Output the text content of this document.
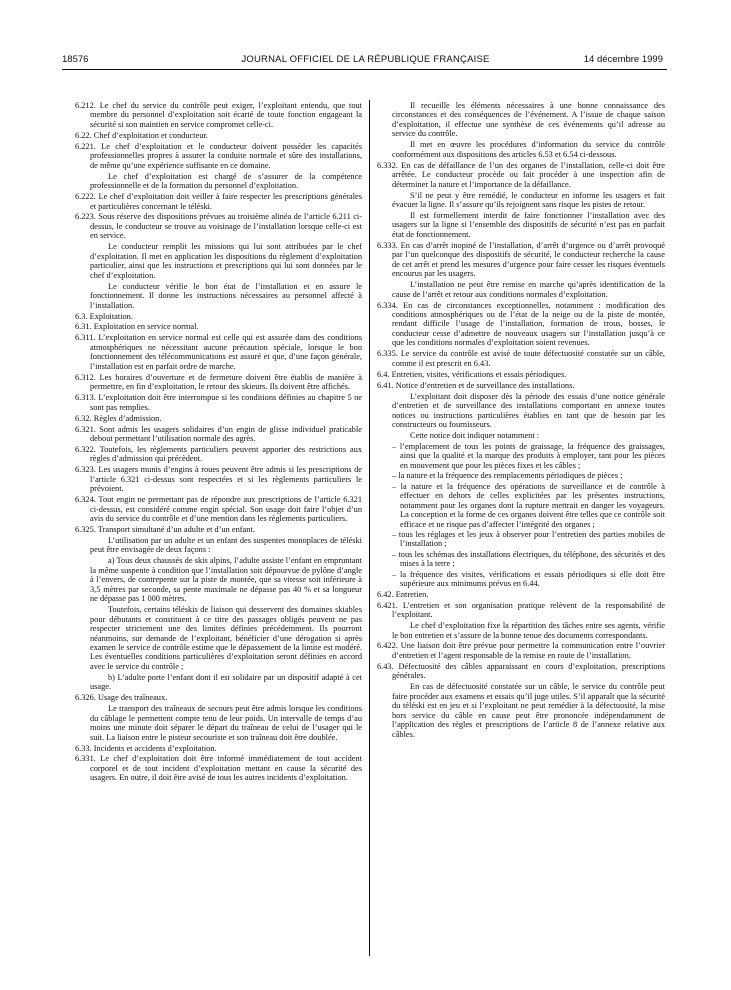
18576	JOURNAL OFFICIEL DE LA RÉPUBLIQUE FRANÇAISE	14 décembre 1999

6.212. Le chef du service du contrôle peut exiger, l’exploitant entendu, que tout membre du personnel d’exploitation soit écarté de toute fonction engageant la sécurité si son maintien en service compromet celle-ci.

6.22. Chef d’exploitation et conducteur.

6.221. Le chef d’exploitation et le conducteur doivent posséder les capacités professionnelles propres à assurer la conduite normale et sûre des installations, de même qu’une expérience suffisante en ce domaine.

Le chef d’exploitation est chargé de s’assurer de la compétence professionnelle et de la formation du personnel d’exploitation.

6.222. Le chef d’exploitation doit veiller à faire respecter les prescriptions générales et particulières concernant le téléski.

6.223. Sous réserve des dispositions prévues au troisième alinéa de l’article 6.211 ci-dessus, le conducteur se trouve au voisinage de l’installation lorsque celle-ci est en service.

Le conducteur remplit les missions qui lui sont attribuées par le chef d’exploitation. Il met en application les dispositions du règlement d’exploitation particulier, ainsi que les instructions et prescriptions qui lui sont données par le chef d’exploitation.

Le conducteur vérifie le bon état de l’installation et en assure le fonctionnement. Il donne les instructions nécessaires au personnel affecté à l’installation.

6.3. Exploitation.

6.31. Exploitation en service normal.

6.311. L’exploitation en service normal est celle qui est assurée dans des conditions atmosphériques ne nécessitant aucune précaution spéciale, lorsque le bon fonctionnement des télécommunications est assuré et que, d’une façon générale, l’installation est en parfait ordre de marche.

6.312. Les horaires d’ouverture et de fermeture doivent être établis de manière à permettre, en fin d’exploitation, le retour des skieurs. Ils doivent être affichés.

6.313. L’exploitation doit être interrompue si les conditions définies au chapitre 5 ne sont pas remplies.

6.32. Règles d’admission.

6.321. Sont admis les usagers solidaires d’un engin de glisse individuel praticable debout permettant l’utilisation normale des agrès.

6.322. Toutefois, les règlements particuliers peuvent apporter des restrictions aux règles d’admission qui précèdent.

6.323. Les usagers munis d’engins à roues peuvent être admis si les prescriptions de l’article 6.321 ci-dessus sont respectées et si les règlements particuliers le prévoient.

6.324. Tout engin ne permettant pas de répondre aux prescriptions de l’article 6.321 ci-dessus, est considéré comme engin spécial. Son usage doit faire l’objet d’un avis du service du contrôle et d’une mention dans les règlements particuliers.

6.325. Transport simultané d’un adulte et d’un enfant.

L’utilisation par un adulte et un enfant des suspentes monoplaces de téléski peut être envisagée de deux façons :

a) Tous deux chaussés de skis alpins, l’adulte assiste l’enfant en empruntant la même suspente à condition que l’installation soit dépourvue de pylône d’angle à l’envers, de contrepente sur la piste de montée, que sa vitesse soit inférieure à 3,5 mètres par seconde, sa pente maximale ne dépasse pas 40 % et sa longueur ne dépasse pas 1 000 mètres.

Toutefois, certains téléskis de liaison qui desservent des domaines skiables pour débutants et constituent à ce titre des passages obligés peuvent ne pas respecter strictement une des limites définies précédemment. Ils pourront néanmoins, sur demande de l’exploitant, bénéficier d’une dérogation si après examen le service de contrôle estime que le dépassement de la limite est modéré. Les éventuelles conditions particulières d’exploitation seront définies en accord avec le service du contrôle ;

b) L’adulte porte l’enfant dont il est solidaire par un dispositif adapté à cet usage.

6.326. Usage des traîneaux.

Le transport des traîneaux de secours peut être admis lorsque les conditions du câblage le permettent compte tenu de leur poids. Un intervalle de temps d’au moins une minute doit séparer le départ du traîneau de celui de l’usager qui le suit. La liaison entre le pisteur secouriste et son traîneau doit être doublée.

6.33. Incidents et accidents d’exploitation.

6.331. Le chef d’exploitation doit être informé immédiatement de tout accident corporel et de tout incident d’exploitation mettant en cause la sécurité des usagers. En outre, il doit être avisé de tous les autres incidents d’exploitation.

Il recueille les éléments nécessaires à une bonne connaissance des circonstances et des conséquences de l’événement. A l’issue de chaque saison d’exploitation, il effectue une synthèse de ces événements qu’il adresse au service du contrôle.

Il met en œuvre les procédures d’information du service du contrôle conformément aux dispositions des articles 6.53 et 6.54 ci-dessous.

6.332. En cas de défaillance de l’un des organes de l’installation, celle-ci doit être arrêtée. Le conducteur procède ou fait procéder à une inspection afin de déterminer la nature et l’importance de la défaillance.

S’il ne peut y être remédié, le conducteur en informe les usagers et fait évacuer la ligne. Il s’assure qu’ils rejoignent sans risque les pistes de retour.

Il est formellement interdit de faire fonctionner l’installation avec des usagers sur la ligne si l’ensemble des dispositifs de sécurité n’est pas en parfait état de fonctionnement.

6.333. En cas d’arrêt inopiné de l’installation, d’arrêt d’urgence ou d’arrêt provoqué par l’un quelconque des dispositifs de sécurité, le conducteur recherche la cause de cet arrêt et prend les mesures d’urgence pour faire cesser les risques éventuels encourus par les usagers.

L’installation ne peut être remise en marche qu’après identification de la cause de l’arrêt et retour aux conditions normales d’exploitation.

6.334. En cas de circonstances exceptionnelles, notamment : modification des conditions atmosphériques ou de l’état de la neige ou de la piste de montée, rendant difficile l’usage de l’installation, formation de trous, bosses, le conducteur cesse d’admettre de nouveaux usagers sur l’installation jusqu’à ce que les conditions normales d’exploitation soient revenues.

6.335. Le service du contrôle est avisé de toute défectuosité constatée sur un câble, comme il est prescrit en 6.43.

6.4. Entretien, visites, vérifications et essais périodiques.

6.41. Notice d’entretien et de surveillance des installations.

L’exploitant doit disposer dès la période des essais d’une notice générale d’entretien et de surveillance des installations comportant en annexe toutes notices ou instructions particulières établies en tant que de besoin par les constructeurs ou fournisseurs.

Cette notice doit indiquer notamment :

– l’emplacement de tous les points de graissage, la fréquence des graissages, ainsi que la qualité et la marque des produits à employer, tant pour les pièces en mouvement que pour les pièces fixes et les câbles ;
– la nature et la fréquence des remplacements périodiques de pièces ;
– la nature et la fréquence des opérations de surveillance et de contrôle à effectuer en dehors de celles explicitées par les présentes instructions, notamment pour les organes dont la rupture mettrait en danger les voyageurs. La conception et la forme de ces organes doivent être telles que ce contrôle soit efficace et ne risque pas d’affecter l’intégrité des organes ;
– tous les réglages et les jeux à observer pour l’entretien des parties mobiles de l’installation ;
– tous les schémas des installations électriques, du téléphone, des sécurités et des mises à la terre ;
– la fréquence des visites, vérifications et essais périodiques si elle doit être supérieure aux minimums prévus en 6.44.

6.42. Entretien.

6.421. L’entretien et son organisation pratique relèvent de la responsabilité de l’exploitant.

Le chef d’exploitation fixe la répartition des tâches entre ses agents, vérifie le bon entretien et s’assure de la bonne tenue des documents correspondants.

6.422. Une liaison doit être prévue pour permettre la communication entre l’ouvrier d’entretien et l’agent responsable de la remise en route de l’installation.

6.43. Défectuosité des câbles apparaissant en cours d’exploitation, prescriptions générales.

En cas de défectuosité constatée sur un câble, le service du contrôle peut faire procéder aux examens et essais qu’il juge utiles. S’il apparaît que la sécurité du téléski est en jeu et si l’exploitant ne peut remédier à la défectuosité, la mise hors service du câble en cause peut être prononcée indépendamment de l’application des règles et prescriptions de l’article 8 de l’annexe relative aux câbles.
